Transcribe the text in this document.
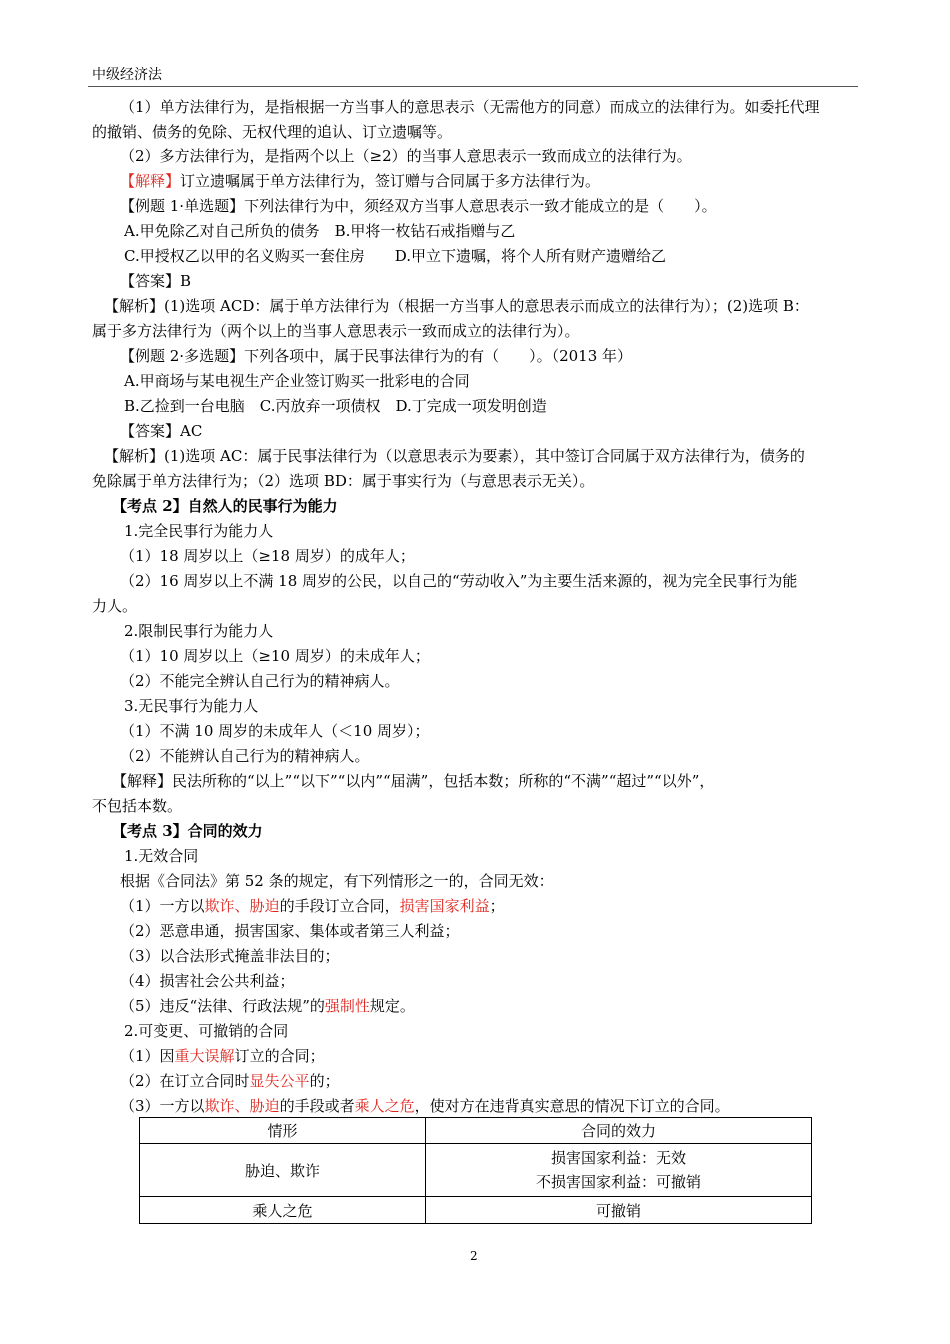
中级经济法
（1）单方法律行为，是指根据一方当事人的意思表示（无需他方的同意）而成立的法律行为。如委托代理
的撤销、债务的免除、无权代理的追认、订立遗嘱等。
（2）多方法律行为，是指两个以上（≥2）的当事人意思表示一致而成立的法律行为。
【解释】订立遗嘱属于单方法律行为，签订赠与合同属于多方法律行为。
【例题 1·单选题】下列法律行为中，须经双方当事人意思表示一致才能成立的是（　　）。
A.甲免除乙对自己所负的债务　B.甲将一枚钻石戒指赠与乙
C.甲授权乙以甲的名义购买一套住房　　D.甲立下遗嘱，将个人所有财产遗赠给乙
【答案】B
【解析】(1)选项 ACD：属于单方法律行为（根据一方当事人的意思表示而成立的法律行为）；(2)选项 B：
属于多方法律行为（两个以上的当事人意思表示一致而成立的法律行为）。
【例题 2·多选题】下列各项中，属于民事法律行为的有（　　）。（2013 年）
A.甲商场与某电视生产企业签订购买一批彩电的合同
B.乙捡到一台电脑　C.丙放弃一项债权　D.丁完成一项发明创造
【答案】AC
【解析】(1)选项 AC：属于民事法律行为（以意思表示为要素），其中签订合同属于双方法律行为，债务的
免除属于单方法律行为；（2）选项 BD：属于事实行为（与意思表示无关）。
【考点 2】自然人的民事行为能力
1.完全民事行为能力人
（1）18 周岁以上（≥18 周岁）的成年人；
（2）16 周岁以上不满 18 周岁的公民，以自己的“劳动收入”为主要生活来源的，视为完全民事行为能
力人。
2.限制民事行为能力人
（1）10 周岁以上（≥10 周岁）的未成年人；
（2）不能完全辨认自己行为的精神病人。
3.无民事行为能力人
（1）不满 10 周岁的未成年人（＜10 周岁）；
（2）不能辨认自己行为的精神病人。
【解释】民法所称的“以上”“以下”“以内”“届满”，包括本数；所称的“不满”“超过”“以外”，
不包括本数。
【考点 3】合同的效力
1.无效合同
根据《合同法》第 52 条的规定，有下列情形之一的，合同无效：
（1）一方以欺诈、胁迫的手段订立合同，损害国家利益；
（2）恶意串通，损害国家、集体或者第三人利益；
（3）以合法形式掩盖非法目的；
（4）损害社会公共利益；
（5）违反“法律、行政法规”的强制性规定。
2.可变更、可撤销的合同
（1）因重大误解订立的合同；
（2）在订立合同时显失公平的；
（3）一方以欺诈、胁迫的手段或者乘人之危，使对方在违背真实意思的情况下订立的合同。
情形	合同的效力
胁迫、欺诈	损害国家利益：无效
不损害国家利益：可撤销

乘人之危	可撤销
2
